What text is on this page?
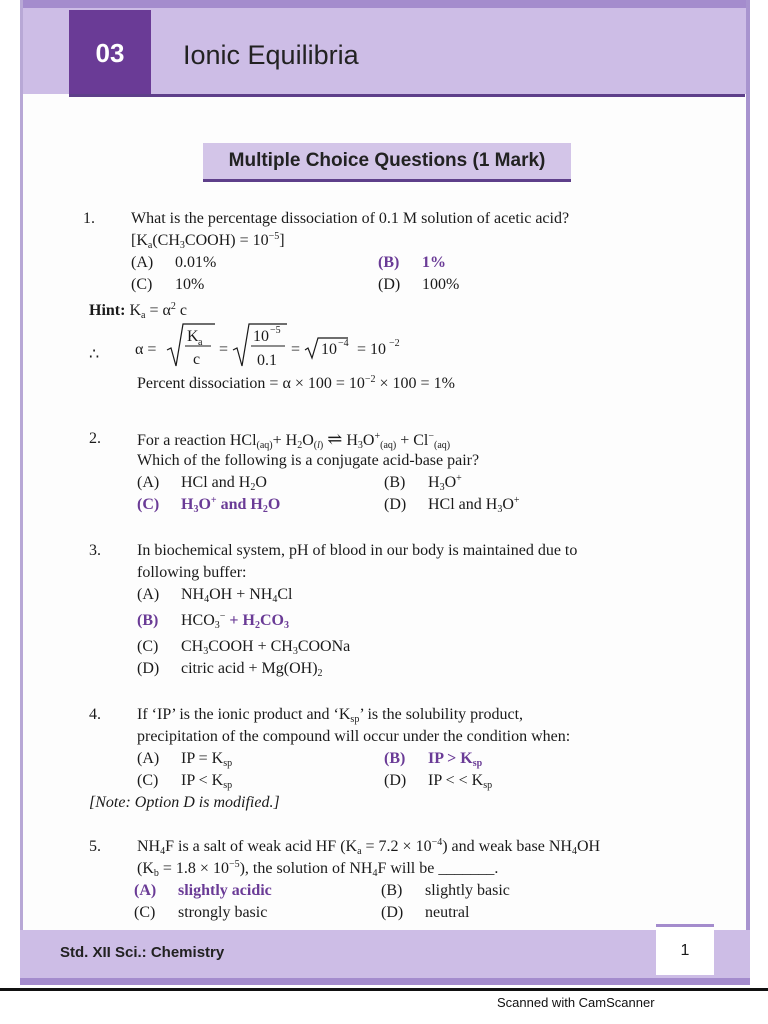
03	Ionic Equilibria
Multiple Choice Questions (1 Mark)
1. What is the percentage dissociation of 0.1 M solution of acetic acid?
$[K_a(CH_3COOH) = 10^{-5}]$
(A) 0.01%	(B) 1%
(C) 10%	(D) 100%
Hint: $K_a = \alpha^2$ c
∴ α =
K a
c
=
10 −5
0.1
= 10 −4 = 10 −2
Percent dissociation = $\alpha \times 100 = 10^{-2} \times 100 = 1\%$
2. For a reaction $HCl_{(aq)}+ H_2O_{(l)}$ ⇌ $H_3O^+_{(aq)} + Cl^-_{(aq)}$
Which of the following is a conjugate acid-base pair?
(A) HCl and $H_2O$	(B) $H_3O^+$
(C) $H_3O^+$ and $H_2O$	(D) HCl and $H_3O^+$
3. In biochemical system, pH of blood in our body is maintained due to
following buffer:
(A) $NH_4OH + NH_4Cl$
(B) $HCO_3^- + H_2CO_3$
(C) $CH_3COOH$ + $CH_3COONa$
(D) citric acid + $Mg(OH)_2$
4. If ‘IP’ is the ionic product and ‘$K_{sp}$’ is the solubility product,
precipitation of the compound will occur under the condition when:
(A) IP = $K_{sp}$	(B) IP > $K_{sp}$
(C) IP < $K_{sp}$	(D) IP < < $K_{sp}$
[Note: Option D is modified.]
5. $NH_4F$ is a salt of weak acid HF $(K_a = 7.2 \times 10^{-4})$ and weak base $NH_4OH$
$(K_b = 1.8 \times 10^{-5})$, the solution of $NH_4F$ will be _______.
(A) slightly acidic	(B) slightly basic
(C) strongly basic	(D) neutral
Std. XII Sci.: Chemistry	1
Scanned with CamScanner
